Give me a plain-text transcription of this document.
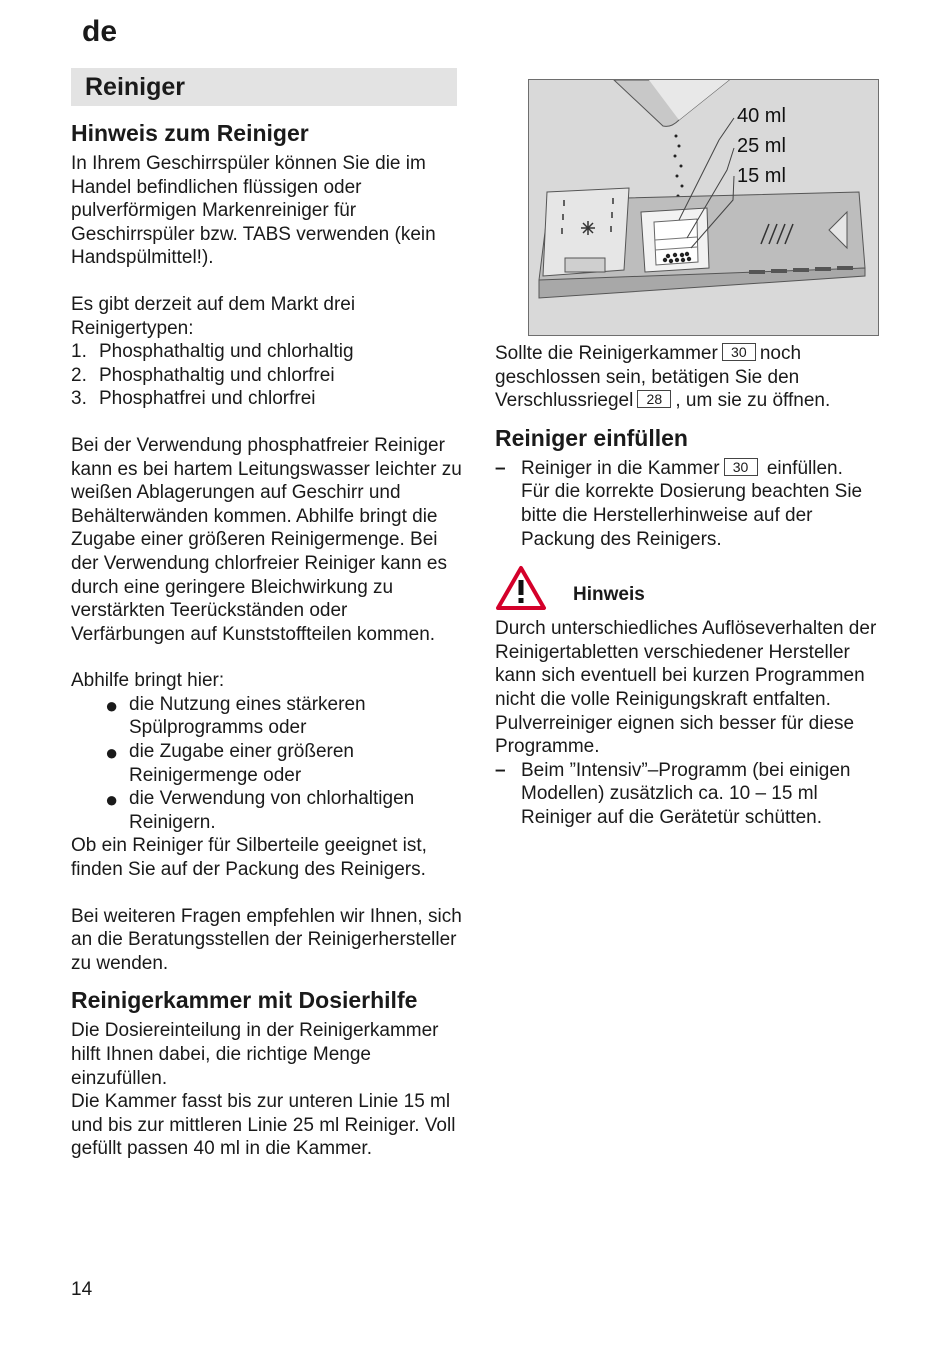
de
Reiniger
Hinweis zum Reiniger

In Ihrem Geschirrspüler können Sie die im Handel befindlichen flüssigen oder pulverförmigen Markenreiniger für Geschirrspüler bzw. TABS verwenden (kein Handspülmittel!).

Es gibt derzeit auf dem Markt drei Reinigertypen:

1. Phosphathaltig und chlorhaltig
2. Phosphathaltig und chlorfrei
3. Phosphatfrei und chlorfrei

Bei der Verwendung phosphatfreier Reiniger kann es bei hartem Leitungswasser leichter zu weißen Ablagerungen auf Geschirr und Behälterwänden kommen. Abhilfe bringt die Zugabe einer größeren Reinigermenge. Bei der Verwendung chlorfreier Reiniger kann es durch eine geringere Bleichwirkung zu verstärkten Teerückständen oder Verfärbungen auf Kunststoffteilen kommen.

Abhilfe bringt hier:

● die Nutzung eines stärkeren Spülprogramms oder
● die Zugabe einer größeren Reinigermenge oder
● die Verwendung von chlorhaltigen Reinigern.

Ob ein Reiniger für Silberteile geeignet ist, finden Sie auf der Packung des Reinigers.

Bei weiteren Fragen empfehlen wir Ihnen, sich an die Beratungsstellen der Reinigerhersteller zu wenden.

Reinigerkammer mit Dosierhilfe

Die Dosiereinteilung in der Reinigerkammer hilft Ihnen dabei, die richtige Menge einzufüllen.

Die Kammer fasst bis zur unteren Linie 15 ml und bis zur mittleren Linie 25 ml Reiniger. Voll gefüllt passen 40 ml in die Kammer.

40 ml
25 ml
15 ml

Sollte die Reinigerkammer 30 noch geschlossen sein, betätigen Sie den Verschlussriegel 28 , um sie zu öffnen.

Reiniger einfüllen
– Reiniger in die Kammer 30 einfüllen.
Für die korrekte Dosierung beachten Sie bitte die Herstellerhinweise auf der Packung des Reinigers.
Hinweis

Durch unterschiedliches Auflöseverhalten der Reinigertabletten verschiedener Hersteller kann sich eventuell bei kurzen Programmen nicht die volle Reinigungskraft entfalten. Pulverreiniger eignen sich besser für diese Programme.

– Beim ”Intensiv”–Programm (bei einigen Modellen) zusätzlich ca. 10 – 15 ml Reiniger auf die Gerätetür schütten.
14
